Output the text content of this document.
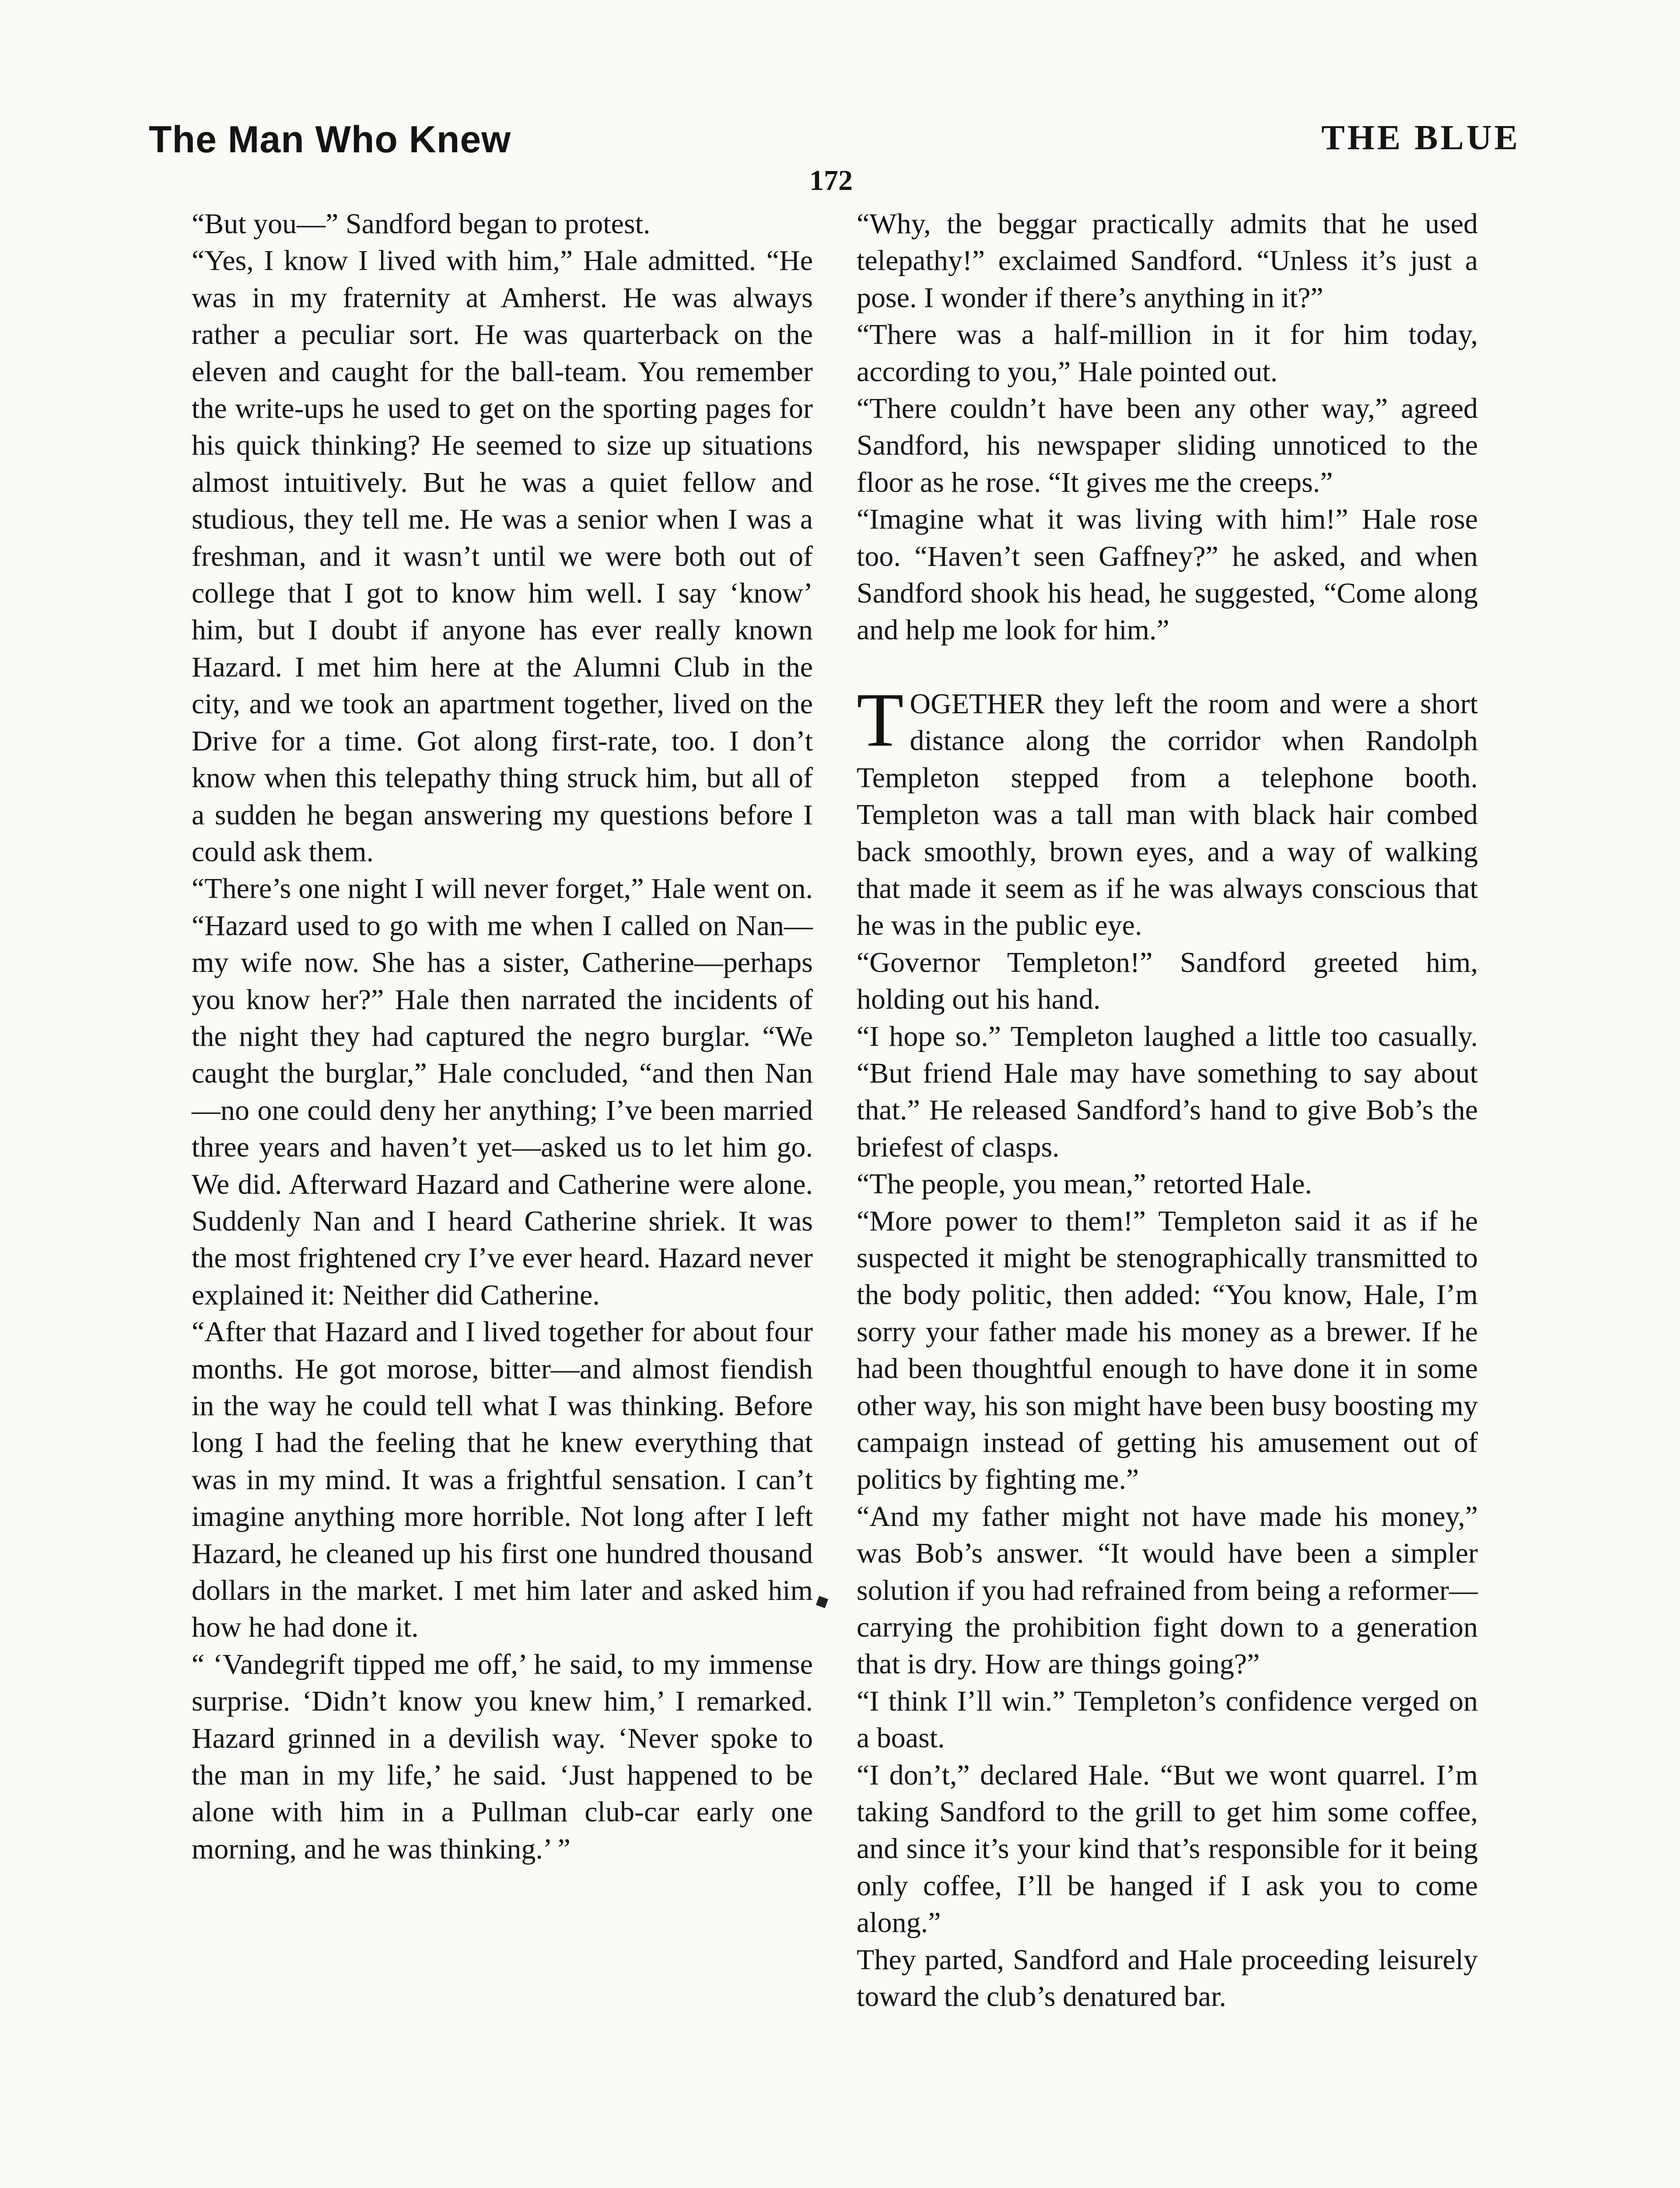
The Man Who Knew	THE BLUE
172

“But you—” Sandford began to protest.

“Yes, I know I lived with him,” Hale admitted. “He was in my fraternity at Amherst. He was always rather a peculiar sort. He was quarterback on the eleven and caught for the ball-team. You remember the write-ups he used to get on the sporting pages for his quick thinking? He seemed to size up situations almost intuitively. But he was a quiet fellow and studious, they tell me. He was a senior when I was a freshman, and it wasn’t until we were both out of college that I got to know him well. I say ‘know’ him, but I doubt if anyone has ever really known Hazard. I met him here at the Alumni Club in the city, and we took an apartment together, lived on the Drive for a time. Got along first-rate, too. I don’t know when this telepathy thing struck him, but all of a sudden he began answering my questions before I could ask them.

“There’s one night I will never forget,” Hale went on. “Hazard used to go with me when I called on Nan—my wife now. She has a sister, Catherine—perhaps you know her?” Hale then narrated the incidents of the night they had captured the negro burglar. “We caught the burglar,” Hale concluded, “and then Nan—no one could deny her anything; I’ve been married three years and haven’t yet—asked us to let him go. We did. Afterward Hazard and Catherine were alone. Suddenly Nan and I heard Catherine shriek. It was the most frightened cry I’ve ever heard. Hazard never explained it: Neither did Catherine.

“After that Hazard and I lived together for about four months. He got morose, bitter—and almost fiendish in the way he could tell what I was thinking. Before long I had the feeling that he knew everything that was in my mind. It was a frightful sensation. I can’t imagine anything more horrible. Not long after I left Hazard, he cleaned up his first one hundred thousand dollars in the market. I met him later and asked him how he had done it.

“ ‘Vandegrift tipped me off,’ he said, to my immense surprise. ‘Didn’t know you knew him,’ I remarked. Hazard grinned in a devilish way. ‘Never spoke to the man in my life,’ he said. ‘Just happened to be alone with him in a Pullman club-car early one morning, and he was thinking.’ ”

“Why, the beggar practically admits that he used telepathy!” exclaimed Sandford. “Unless it’s just a pose. I wonder if there’s anything in it?”

“There was a half-million in it for him today, according to you,” Hale pointed out.

“There couldn’t have been any other way,” agreed Sandford, his newspaper sliding unnoticed to the floor as he rose. “It gives me the creeps.”

“Imagine what it was living with him!” Hale rose too. “Haven’t seen Gaffney?” he asked, and when Sandford shook his head, he suggested, “Come along and help me look for him.”

TOGETHER they left the room and were a short distance along the corridor when Randolph Templeton stepped from a telephone booth. Templeton was a tall man with black hair combed back smoothly, brown eyes, and a way of walking that made it seem as if he was always conscious that he was in the public eye.

“Governor Templeton!” Sandford greeted him, holding out his hand.

“I hope so.” Templeton laughed a little too casually. “But friend Hale may have something to say about that.” He released Sandford’s hand to give Bob’s the briefest of clasps.

“The people, you mean,” retorted Hale.

“More power to them!” Templeton said it as if he suspected it might be stenographically transmitted to the body politic, then added: “You know, Hale, I’m sorry your father made his money as a brewer. If he had been thoughtful enough to have done it in some other way, his son might have been busy boosting my campaign instead of getting his amusement out of politics by fighting me.”

“And my father might not have made his money,” was Bob’s answer. “It would have been a simpler solution if you had refrained from being a reformer—carrying the prohibition fight down to a generation that is dry. How are things going?”

“I think I’ll win.” Templeton’s confidence verged on a boast.

“I don’t,” declared Hale. “But we wont quarrel. I’m taking Sandford to the grill to get him some coffee, and since it’s your kind that’s responsible for it being only coffee, I’ll be hanged if I ask you to come along.”

They parted, Sandford and Hale proceeding leisurely toward the club’s denatured bar.
